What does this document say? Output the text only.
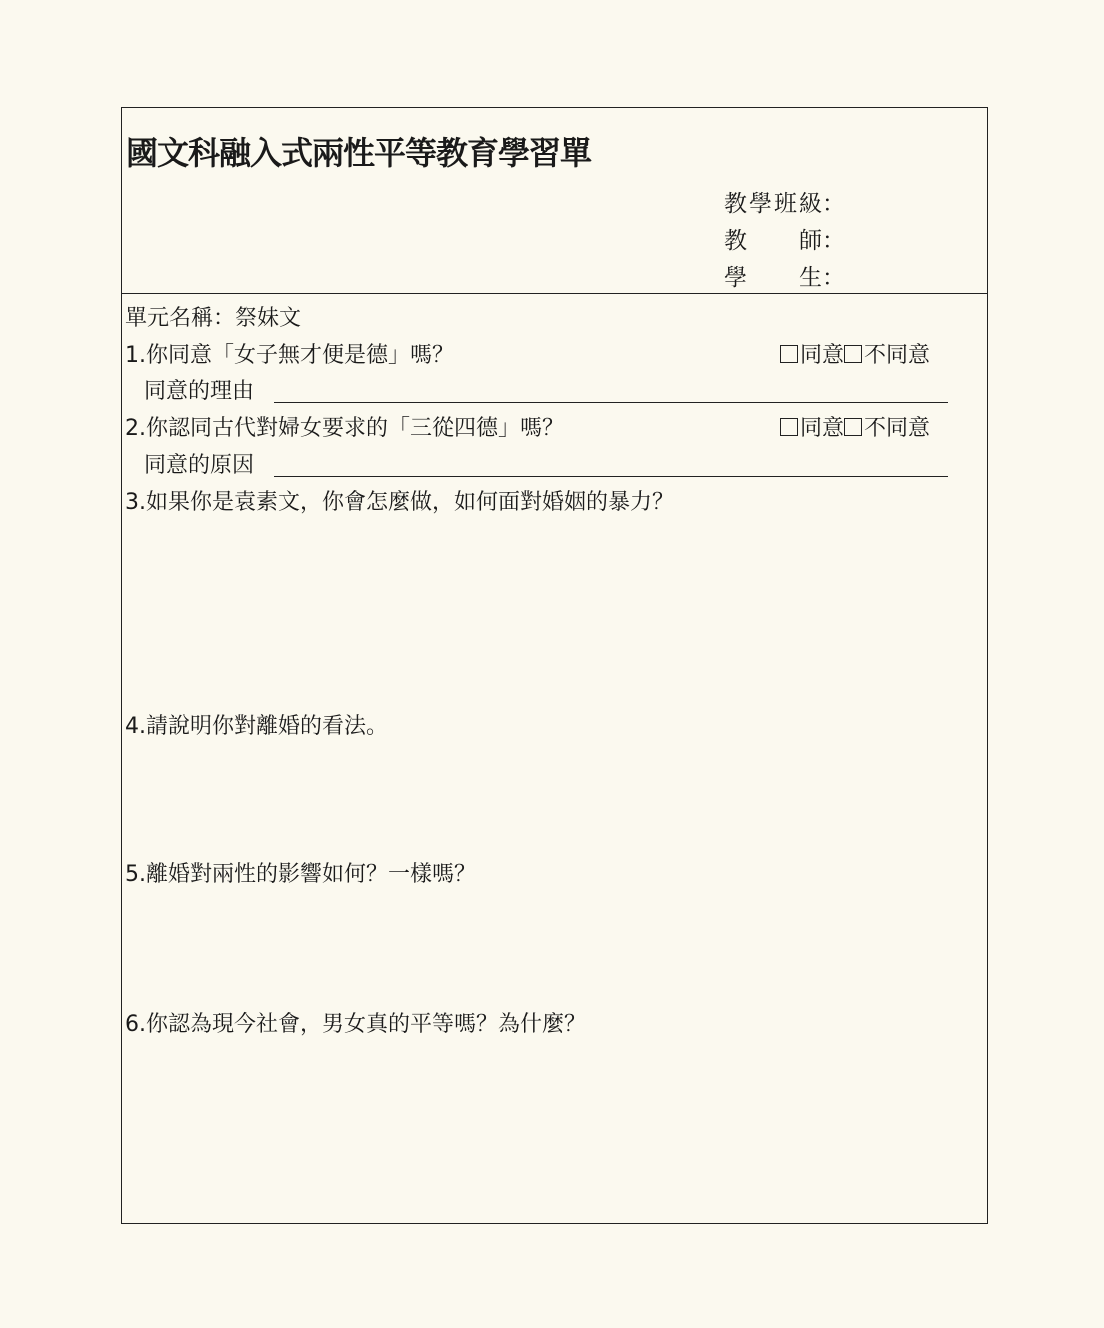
國文科融入式兩性平等教育學習單
教學班級 ：
教師 ：
學生 ：
單元名稱：祭妹文
1.你同意「女子無才便是德」嗎？	同意 不同意
同意的理由
2.你認同古代對婦女要求的「三從四德」嗎？	同意 不同意
同意的原因
3.如果你是袁素文，你會怎麼做，如何面對婚姻的暴力？
4.請說明你對離婚的看法。
5.離婚對兩性的影響如何？一樣嗎？
6.你認為現今社會，男女真的平等嗎？為什麼？
